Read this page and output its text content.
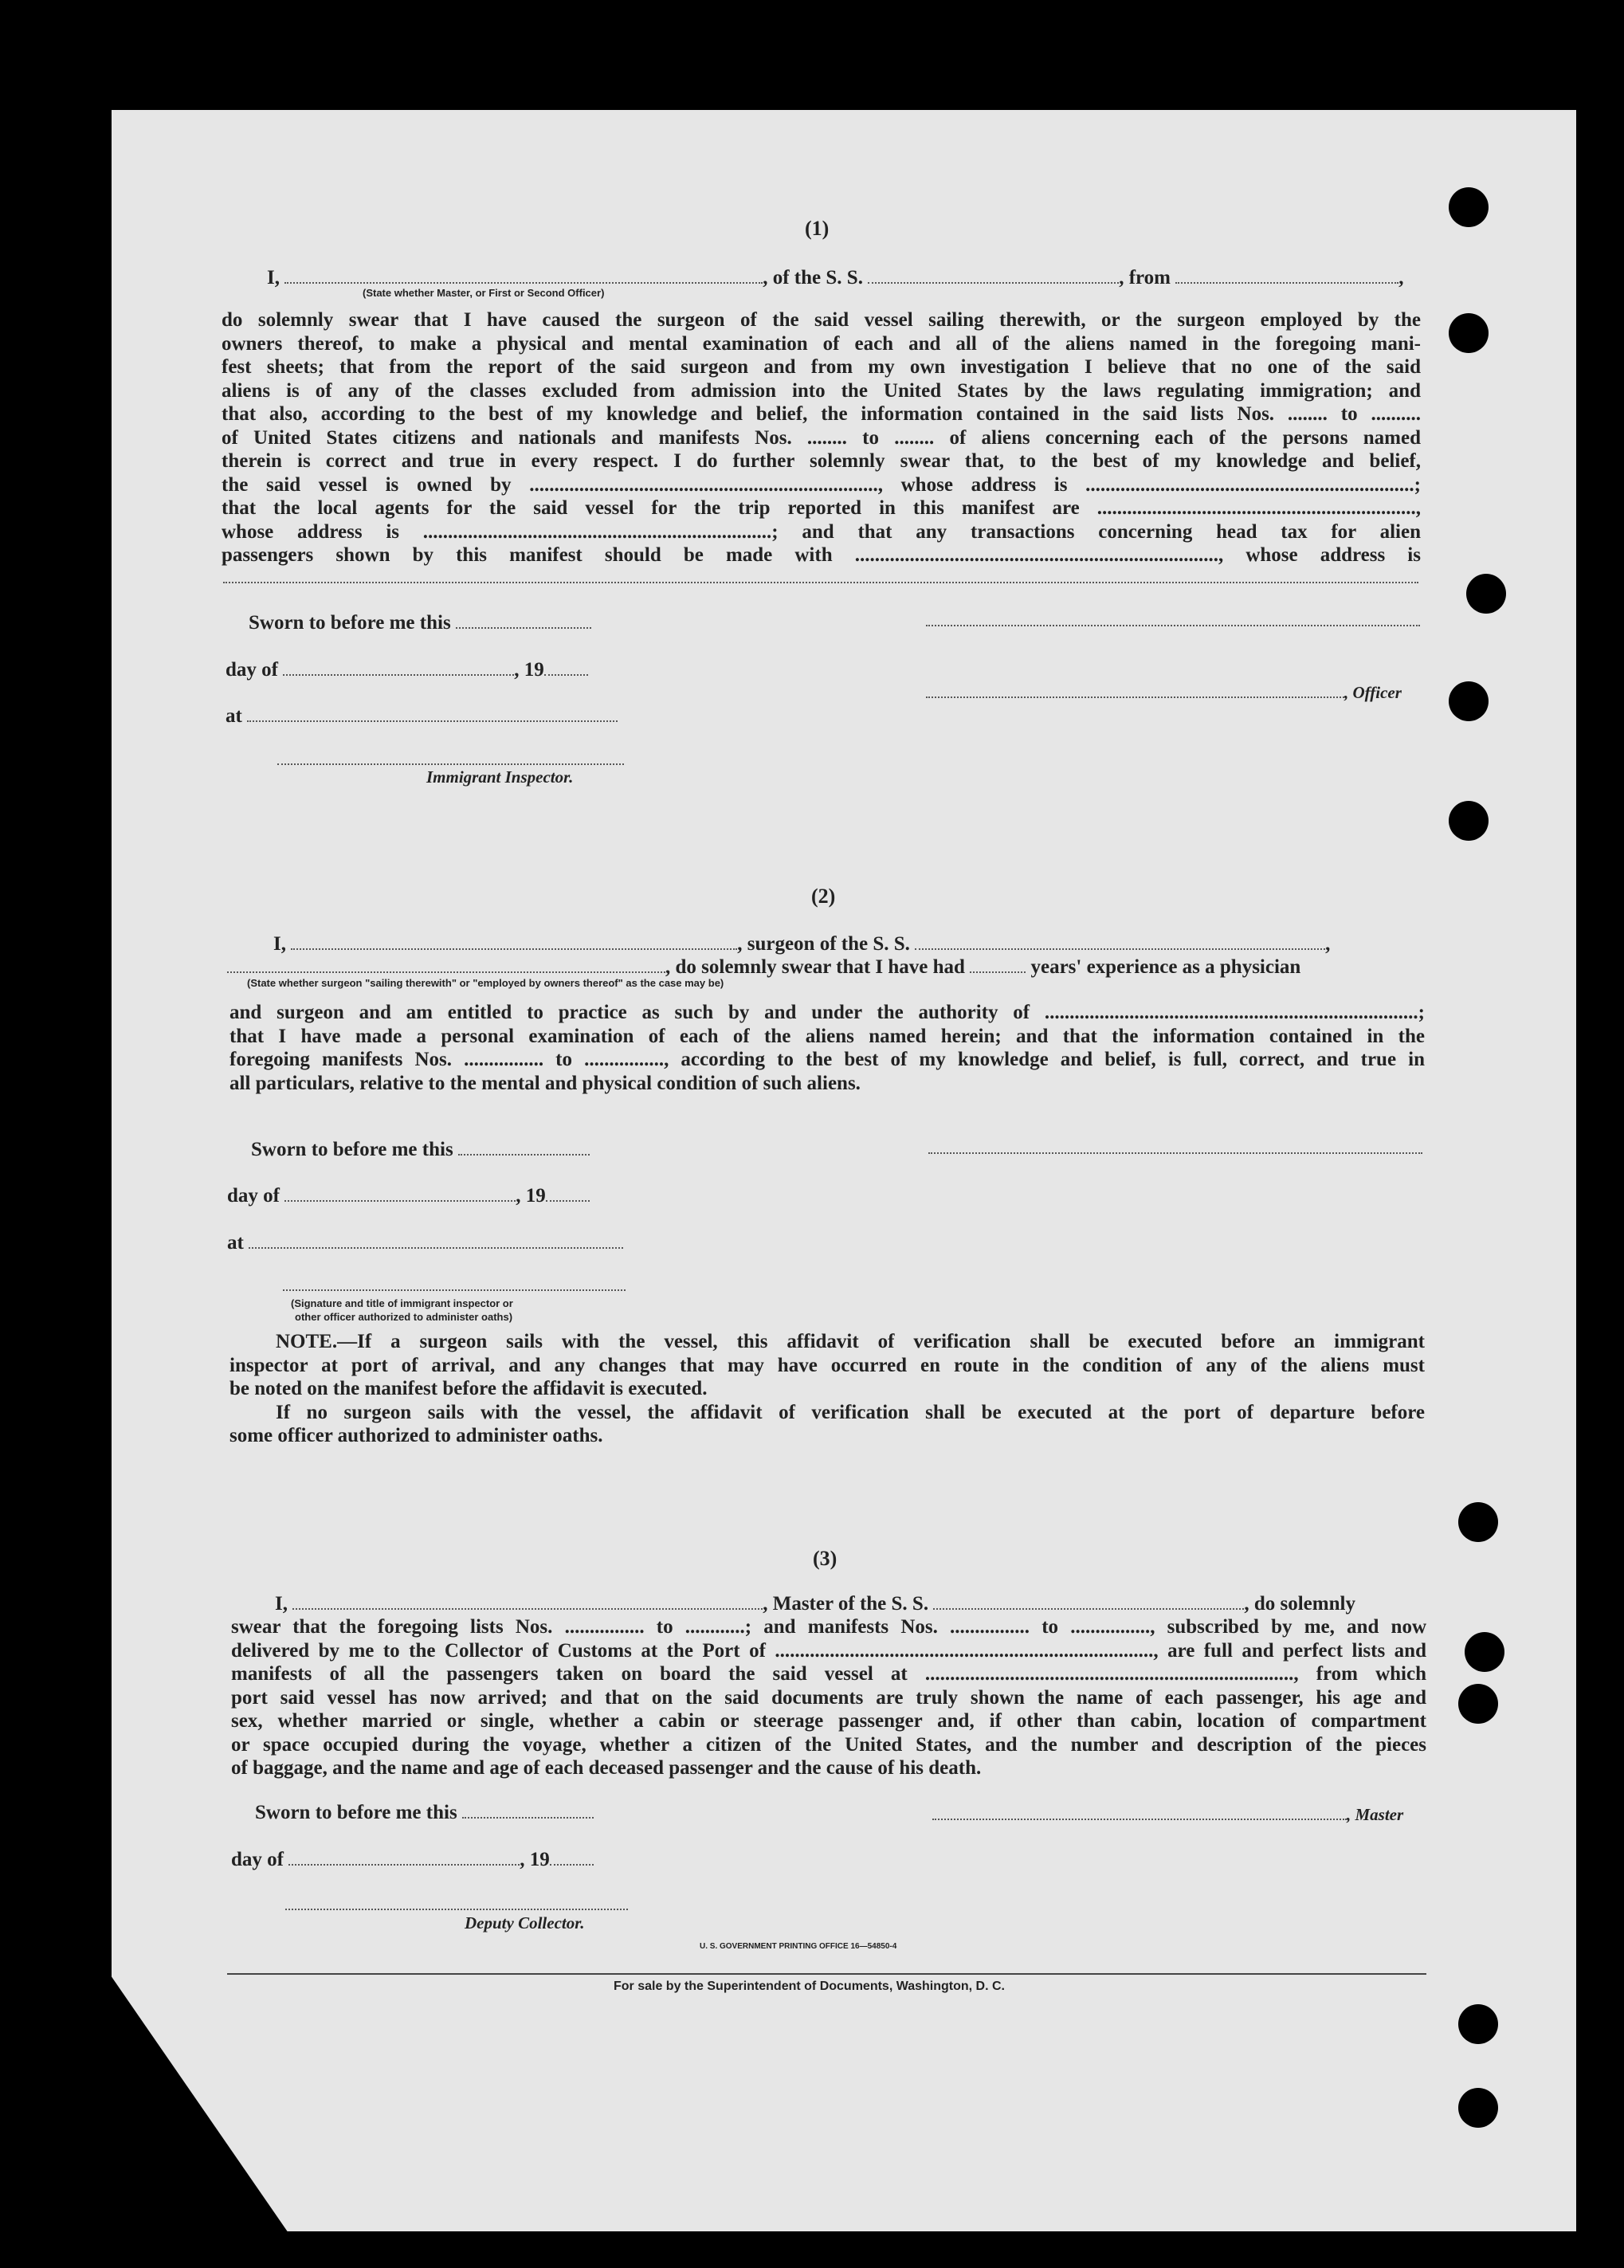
(1)
I,	, of the S. S.	, from	,
(State whether Master, or First or Second Officer)
do solemnly swear that I have caused the surgeon of the said vessel sailing therewith, or the surgeon employed by the
owners thereof, to make a physical and mental examination of each and all of the aliens named in the foregoing mani-
fest sheets; that from the report of the said surgeon and from my own investigation I believe that no one of the said
aliens is of any of the classes excluded from admission into the United States by the laws regulating immigration; and
that also, according to the best of my knowledge and belief, the information contained in the said lists Nos. ........ to ..........
of United States citizens and nationals and manifests Nos. ........ to ........ of aliens concerning each of the persons named
therein is correct and true in every respect. I do further solemnly swear that, to the best of my knowledge and belief,
the said vessel is owned by ......................................................................, whose address is ..................................................................;
that the local agents for the said vessel for the trip reported in this manifest are ................................................................,
whose address is ......................................................................; and that any transactions concerning head tax for alien
passengers shown by this manifest should be made with ........................................................................., whose address is
Sworn to before me this
day of	, 19
, Officer
at
Immigrant Inspector.
(2)
I,	, surgeon of the S. S.	,
, do solemnly swear that I have had	years' experience as a physician
(State whether surgeon "sailing therewith" or "employed by owners thereof" as the case may be)
and surgeon and am entitled to practice as such by and under the authority of ...........................................................................;
that I have made a personal examination of each of the aliens named herein; and that the information contained in the
foregoing manifests Nos. ................ to ................, according to the best of my knowledge and belief, is full, correct, and true in
all particulars, relative to the mental and physical condition of such aliens.
Sworn to before me this
day of	, 19
at
(Signature and title of immigrant inspector or
other officer authorized to administer oaths)
NOTE.—If a surgeon sails with the vessel, this affidavit of verification shall be executed before an immigrant
inspector at port of arrival, and any changes that may have occurred en route in the condition of any of the aliens must
be noted on the manifest before the affidavit is executed.
If no surgeon sails with the vessel, the affidavit of verification shall be executed at the port of departure before
some officer authorized to administer oaths.
(3)
I,	, Master of the S. S.	, do solemnly
swear that the foregoing lists Nos. ................ to ............; and manifests Nos. ................ to ................, subscribed by me, and now
delivered by me to the Collector of Customs at the Port of ............................................................................, are full and perfect lists and
manifests of all the passengers taken on board the said vessel at .........................................................................., from which
port said vessel has now arrived; and that on the said documents are truly shown the name of each passenger, his age and
sex, whether married or single, whether a cabin or steerage passenger and, if other than cabin, location of compartment
or space occupied during the voyage, whether a citizen of the United States, and the number and description of the pieces
of baggage, and the name and age of each deceased passenger and the cause of his death.
Sworn to before me this	, Master
day of	, 19
Deputy Collector.
U. S. GOVERNMENT PRINTING OFFICE 16—54850-4
For sale by the Superintendent of Documents, Washington, D. C.
